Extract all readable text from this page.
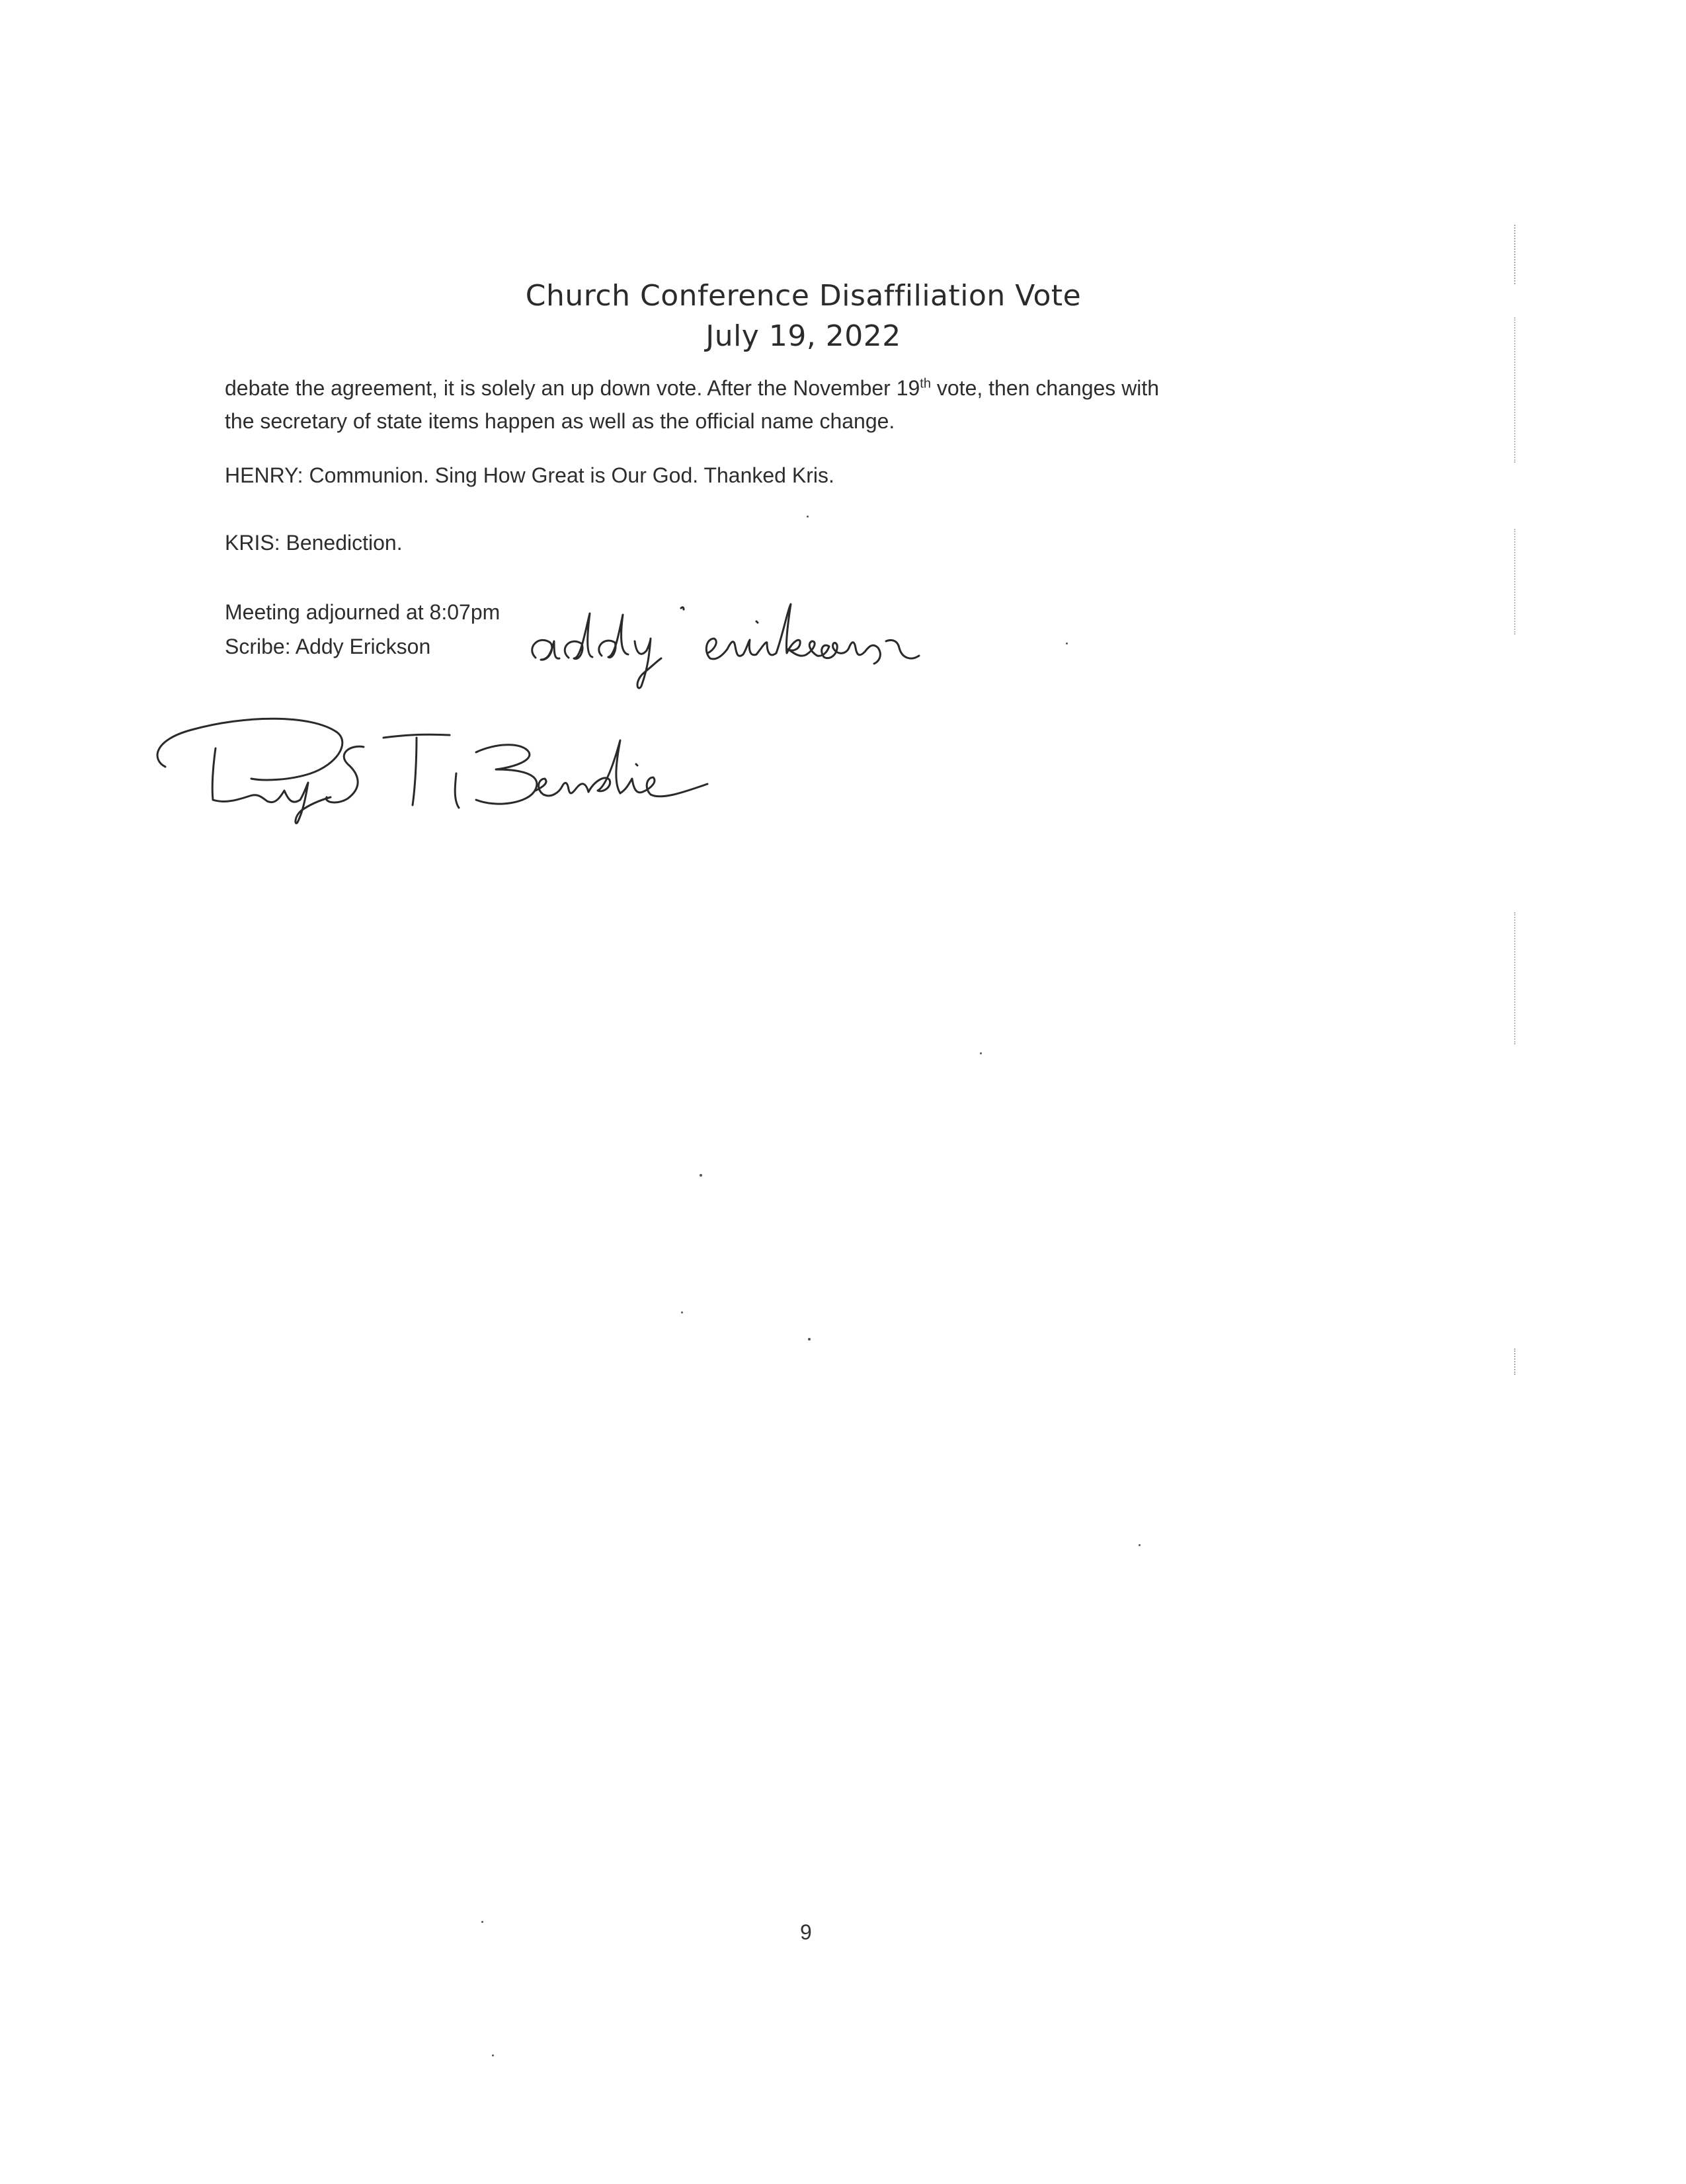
Church Conference Disaffiliation Vote
July 19, 2022
debate the agreement, it is solely an up down vote. After the November 19th vote, then changes with
the secretary of state items happen as well as the official name change.
HENRY: Communion. Sing How Great is Our God. Thanked Kris.
KRIS: Benediction.
Meeting adjourned at 8:07pm
Scribe: Addy Erickson
9
